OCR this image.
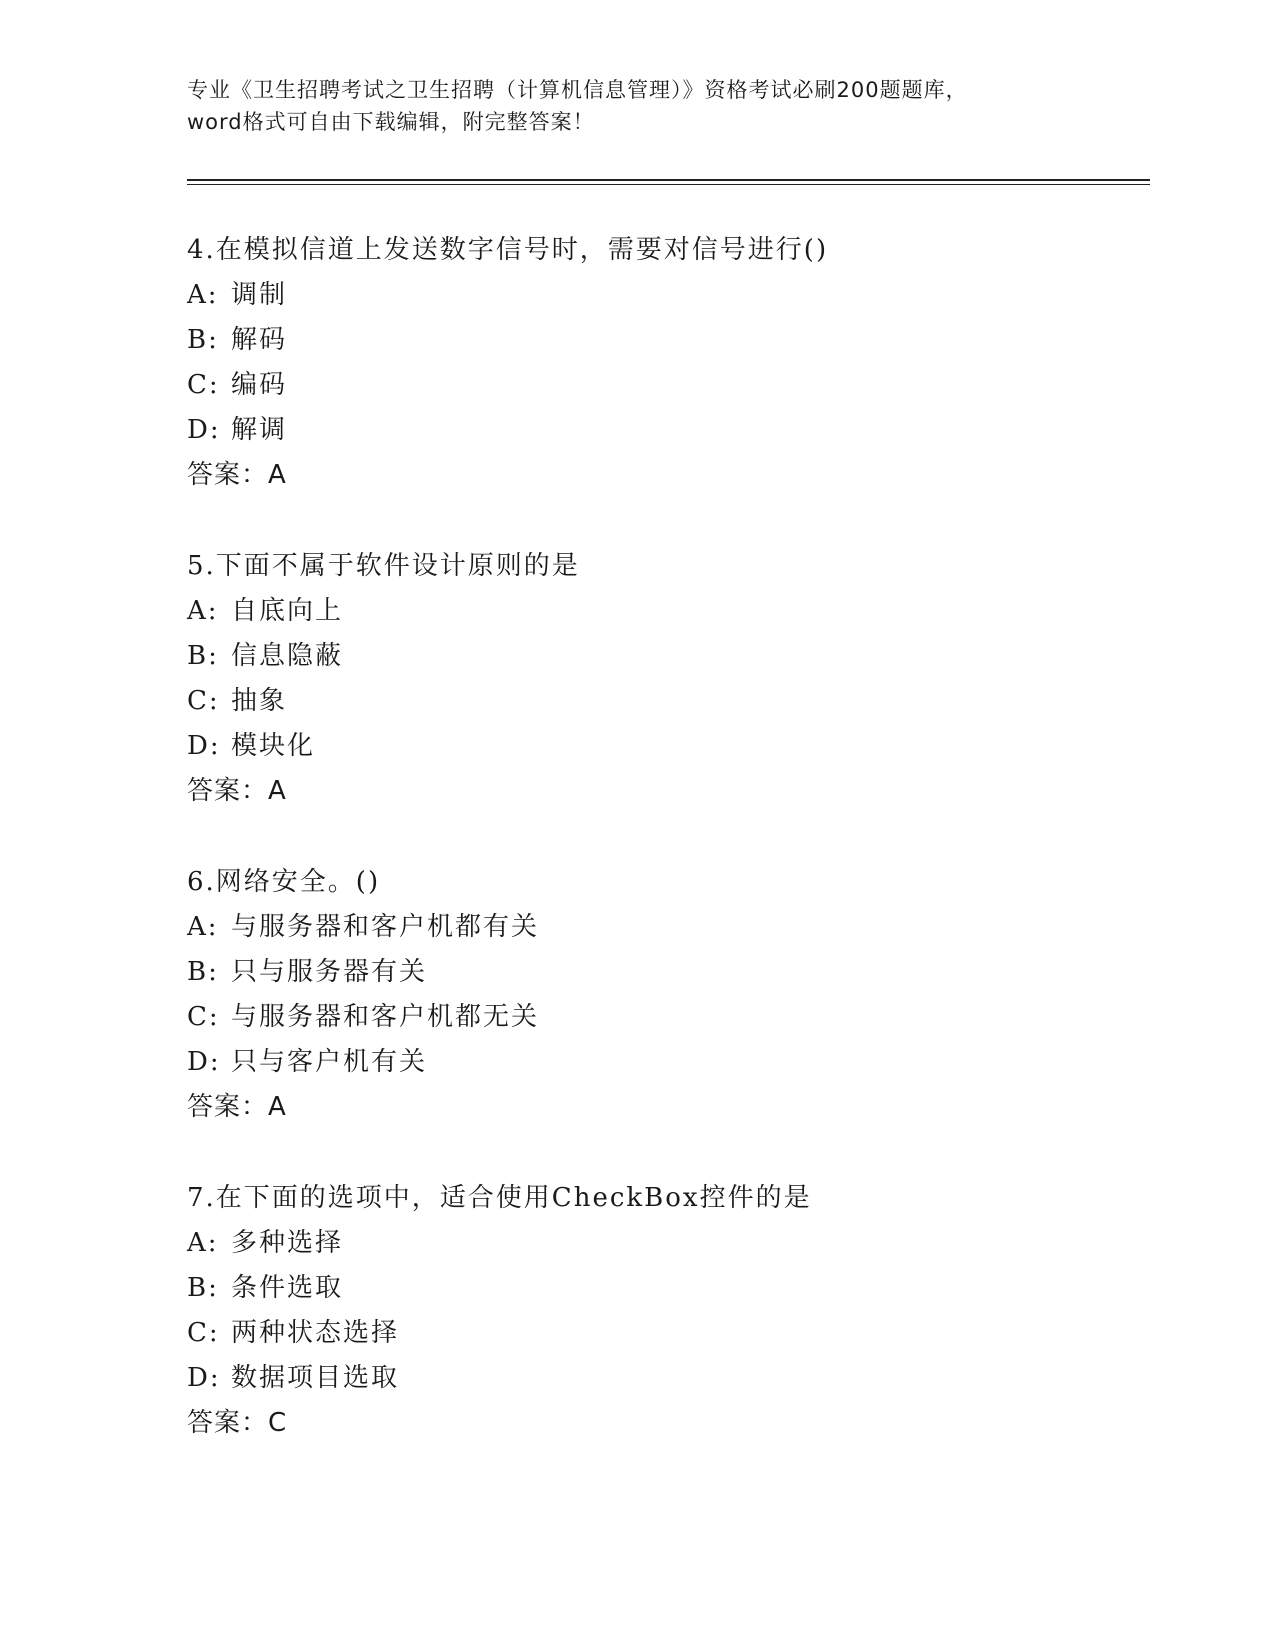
专业《卫生招聘考试之卫生招聘（计算机信息管理）》资格考试必刷200题题库，
word格式可自由下载编辑，附完整答案！
4.在模拟信道上发送数字信号时，需要对信号进行()
A: 调制
B: 解码
C: 编码
D: 解调
答案：A
5.下面不属于软件设计原则的是
A: 自底向上
B: 信息隐蔽
C: 抽象
D: 模块化
答案：A
6.网络安全。()
A: 与服务器和客户机都有关
B: 只与服务器有关
C: 与服务器和客户机都无关
D: 只与客户机有关
答案：A
7.在下面的选项中，适合使用CheckBox控件的是
A: 多种选择
B: 条件选取
C: 两种状态选择
D: 数据项目选取
答案：C
